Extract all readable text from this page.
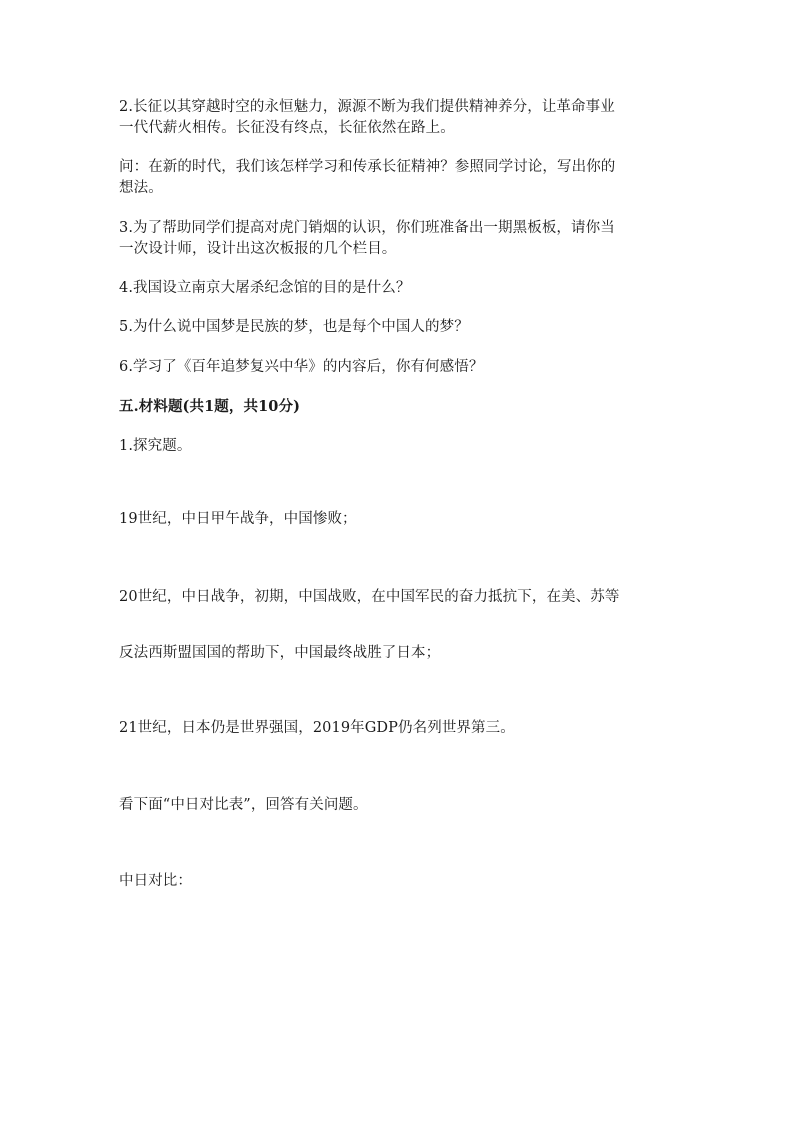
2.长征以其穿越时空的永恒魅力，源源不断为我们提供精神养分，让革命事业

一代代薪火相传。长征没有终点，长征依然在路上。

问：在新的时代，我们该怎样学习和传承长征精神？参照同学讨论，写出你的

想法。

3.为了帮助同学们提高对虎门销烟的认识，你们班准备出一期黑板板，请你当

一次设计师，设计出这次板报的几个栏目。

4.我国设立南京大屠杀纪念馆的目的是什么？

5.为什么说中国梦是民族的梦，也是每个中国人的梦？

6.学习了《百年追梦复兴中华》的内容后，你有何感悟？

五.材料题(共1题，共10分)

1.探究题。

19世纪，中日甲午战争，中国惨败；

20世纪，中日战争，初期，中国战败，在中国军民的奋力抵抗下，在美、苏等

反法西斯盟国国的帮助下，中国最终战胜了日本；

21世纪，日本仍是世界强国，2019年GDP仍名列世界第三。

看下面“中日对比表”，回答有关问题。

中日对比：
